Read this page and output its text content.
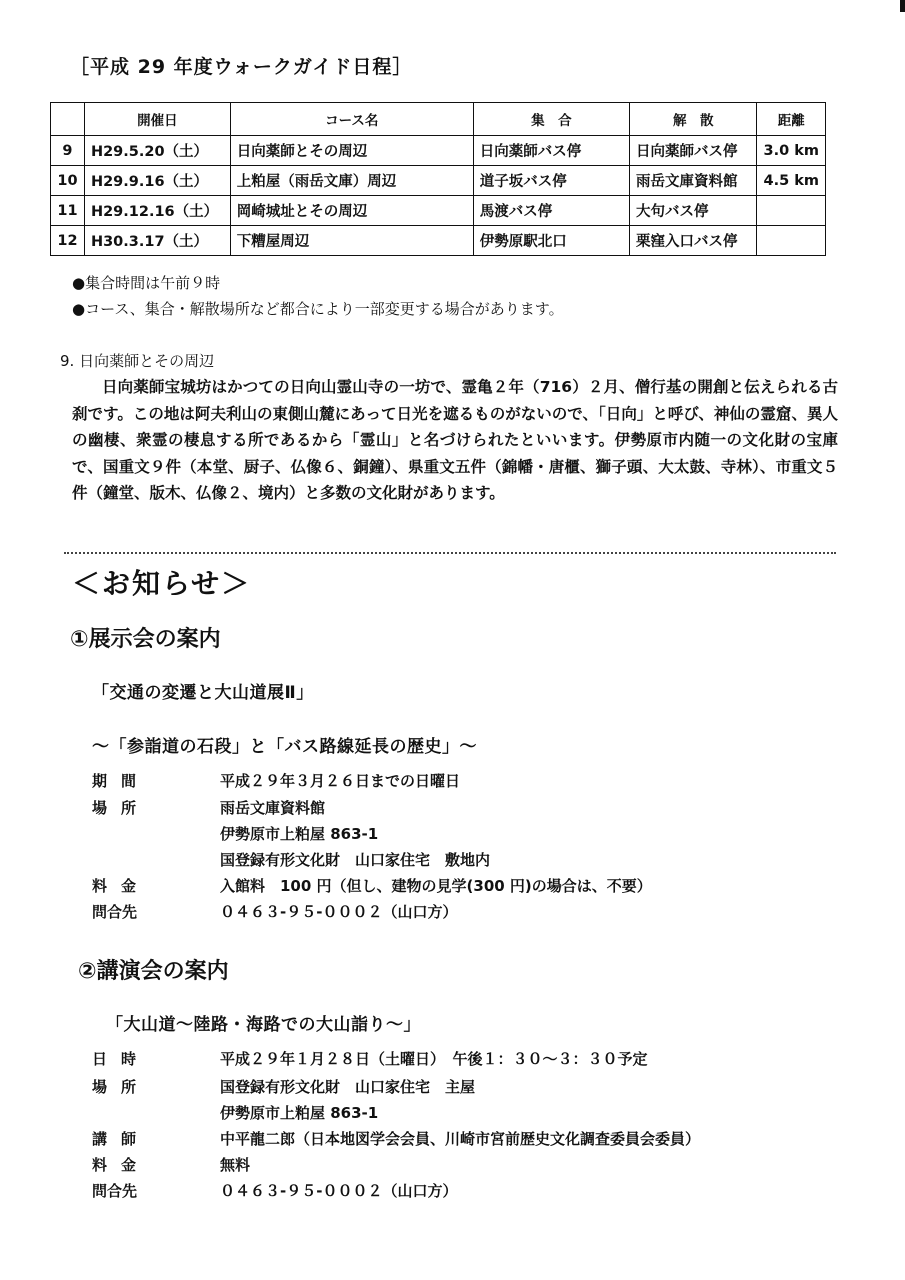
［平成 29 年度ウォークガイド日程］
	開催日	コース名	集　合	解　散	距離
9	H29.5.20（土）	日向薬師とその周辺	日向薬師バス停	日向薬師バス停	3.0 km
10	H29.9.16（土）	上粕屋（雨岳文庫）周辺	道子坂バス停	雨岳文庫資料館	4.5 km
11	H29.12.16（土）	岡崎城址とその周辺	馬渡バス停	大句バス停	
12	H30.3.17（土）	下糟屋周辺	伊勢原駅北口	栗窪入口バス停	
●集合時間は午前９時
●コース、集合・解散場所など都合により一部変更する場合があります。
9. 日向薬師とその周辺
日向薬師宝城坊はかつての日向山霊山寺の一坊で、霊亀２年（716）２月、僧行基の開創と伝えられる古刹です。この地は阿夫利山の東側山麓にあって日光を遮るものがないので、「日向」と呼び、神仙の霊窟、異人の幽棲、衆霊の棲息する所であるから「霊山」と名づけられたといいます。伊勢原市内随一の文化財の宝庫で、国重文９件（本堂、厨子、仏像６、銅鐘）、県重文五件（錦幡・唐櫃、獅子頭、大太鼓、寺林）、市重文５件（鐘堂、版木、仏像２、境内）と多数の文化財があります。
＜お知らせ＞
①展示会の案内
「交通の変遷と大山道展Ⅱ」
～「参詣道の石段」と「バス路線延長の歴史」～
期間	平成２９年３月２６日までの日曜日
場所	雨岳文庫資料館
伊勢原市上粕屋 863-1
国登録有形文化財　山口家住宅　敷地内
料金	入館料　100 円（但し、建物の見学(300 円)の場合は、不要）
問合先	０４６３-９５-０００２（山口方）
②講演会の案内
「大山道～陸路・海路での大山詣り～」
日時	平成２９年１月２８日（土曜日）　午後１：３０～３：３０予定
場所	国登録有形文化財　山口家住宅　主屋
伊勢原市上粕屋 863-1
講師	中平龍二郎（日本地図学会会員、川崎市宮前歴史文化調査委員会委員）
料金	無料
問合先	０４６３-９５-０００２（山口方）
